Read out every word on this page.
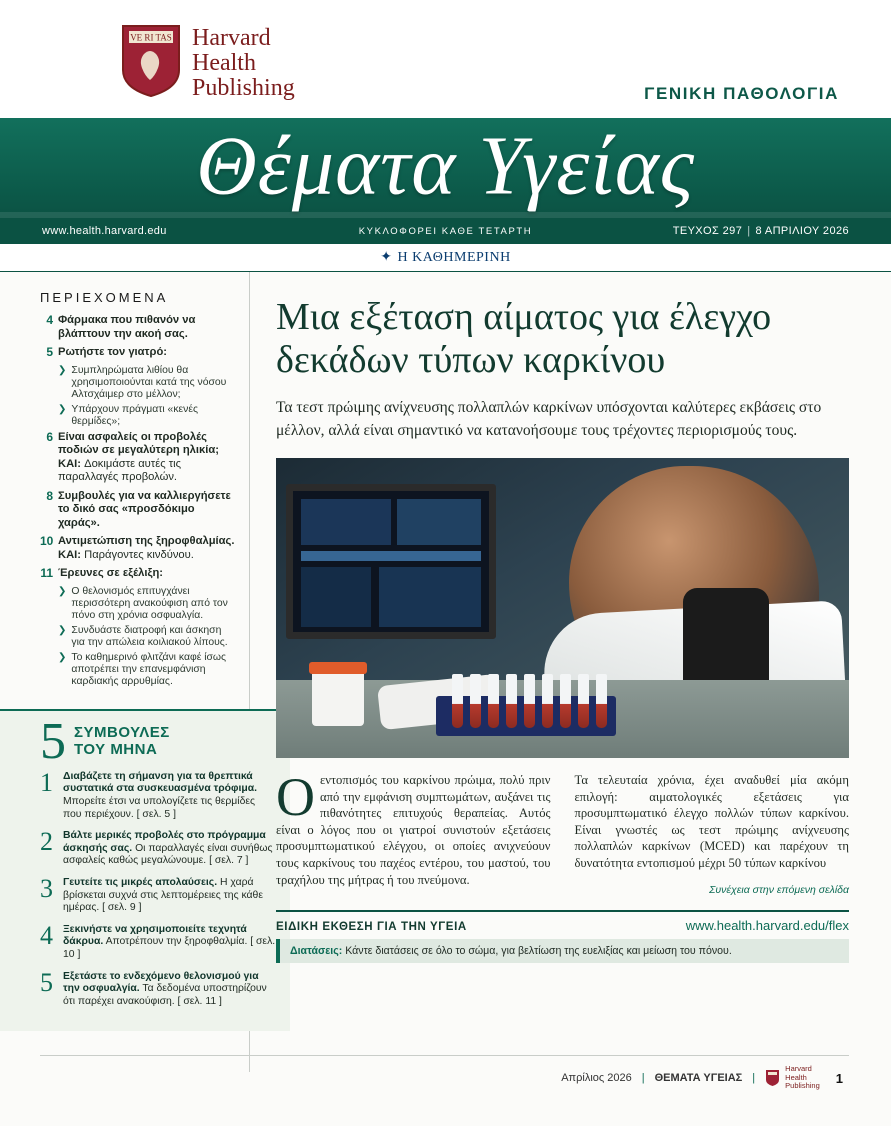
VE RI TAS Harvard
Health
Publishing	ΓΕΝΙΚΗ ΠΑΘΟΛΟΓΙΑ
Θέματα Υγείας
www.health.harvard.edu	ΚΥΚΛΟΦΟΡΕΙ ΚΑΘΕ ΤΕΤΑΡΤΗ	ΤΕΥΧΟΣ 297 | 8 ΑΠΡΙΛΙΟΥ 2026
✦ Η ΚΑΘΗΜΕΡΙΝΗ
ΠΕΡΙΕΧΟΜΕΝΑ
4 Φάρμακα που πιθανόν να βλάπτουν την ακοή σας.
5 Ρωτήστε τον γιατρό:
❯ Συμπληρώματα λιθίου θα χρησιμοποιούνται κατά της νόσου Αλτσχάιμερ στο μέλλον;
❯ Υπάρχουν πράγματι «κενές θερμίδες»;
6 Είναι ασφαλείς οι προβολές ποδιών σε μεγαλύτερη ηλικία; ΚΑΙ: Δοκιμάστε αυτές τις παραλλαγές προβολών.
8 Συμβουλές για να καλλιεργήσετε το δικό σας «προσδόκιμο χαράς».
10 Αντιμετώπιση της ξηροφθαλμίας. ΚΑΙ: Παράγοντες κινδύνου.
11 Έρευνες σε εξέλιξη:
❯ Ο θελονισμός επιτυγχάνει περισσότερη ανακούφιση από τον πόνο στη χρόνια οσφυαλγία.
❯ Συνδυάστε διατροφή και άσκηση για την απώλεια κοιλιακού λίπους.
❯ Το καθημερινό φλιτζάνι καφέ ίσως αποτρέπει την επανεμφάνιση καρδιακής αρρυθμίας.
5 ΣΥΜΒΟΥΛΕΣ
ΤΟΥ ΜΗΝΑ
1 Διαβάζετε τη σήμανση για τα θρεπτικά συστατικά στα συσκευασμένα τρόφιμα. Μπορείτε έτσι να υπολογίζετε τις θερμίδες που περιέχουν. [ σελ. 5 ]
2 Βάλτε μερικές προβολές στο πρόγραμμα άσκησής σας. Οι παραλλαγές είναι συνήθως ασφαλείς καθώς μεγαλώνουμε. [ σελ. 7 ]
3 Γευτείτε τις μικρές απολαύσεις. Η χαρά βρίσκεται συχνά στις λεπτομέρειες της κάθε ημέρας. [ σελ. 9 ]
4 Ξεκινήστε να χρησιμοποιείτε τεχνητά δάκρυα. Αποτρέπουν την ξηροφθαλμία. [ σελ. 10 ]
5 Εξετάστε το ενδεχόμενο θελονισμού για την οσφυαλγία. Τα δεδομένα υποστηρίζουν ότι παρέχει ανακούφιση. [ σελ. 11 ]
Μια εξέταση αίματος για έλεγχο δεκάδων τύπων καρκίνου
Τα τεστ πρώιμης ανίχνευσης πολλαπλών καρκίνων υπόσχονται καλύτερες εκβάσεις στο μέλλον, αλλά είναι σημαντικό να κατανοήσουμε τους τρέχοντες περιορισμούς τους.
Ο εντοπισμός του καρκίνου πρώιμα, πολύ πριν από την εμφάνιση συμπτωμάτων, αυξάνει τις πιθανότητες επιτυχούς θεραπείας. Αυτός είναι ο λόγος που οι γιατροί συνιστούν εξετάσεις προσυμπτωματικού ελέγχου, οι οποίες ανιχνεύουν τους καρκίνους του παχέος εντέρου, του μαστού, του τραχήλου της μήτρας ή του πνεύμονα.
Τα τελευταία χρόνια, έχει αναδυθεί μία ακόμη επιλογή: αιματολογικές εξετάσεις για προσυμπτωματικό έλεγχο πολλών τύπων καρκίνου. Είναι γνωστές ως τεστ πρώιμης ανίχνευσης πολλαπλών καρκίνων (MCED) και παρέχουν τη δυνατότητα εντοπισμού μέχρι 50 τύπων καρκίνου
Συνέχεια στην επόμενη σελίδα
ΕΙΔΙΚΗ ΕΚΘΕΣΗ ΓΙΑ ΤΗΝ ΥΓΕΙΑ	www.health.harvard.edu/flex
Διατάσεις: Κάντε διατάσεις σε όλο το σώμα, για βελτίωση της ευελιξίας και μείωση του πόνου.
Απρίλιος 2026 | ΘΕΜΑΤΑ ΥΓΕΙΑΣ |
Harvard
Health
Publishing
1
